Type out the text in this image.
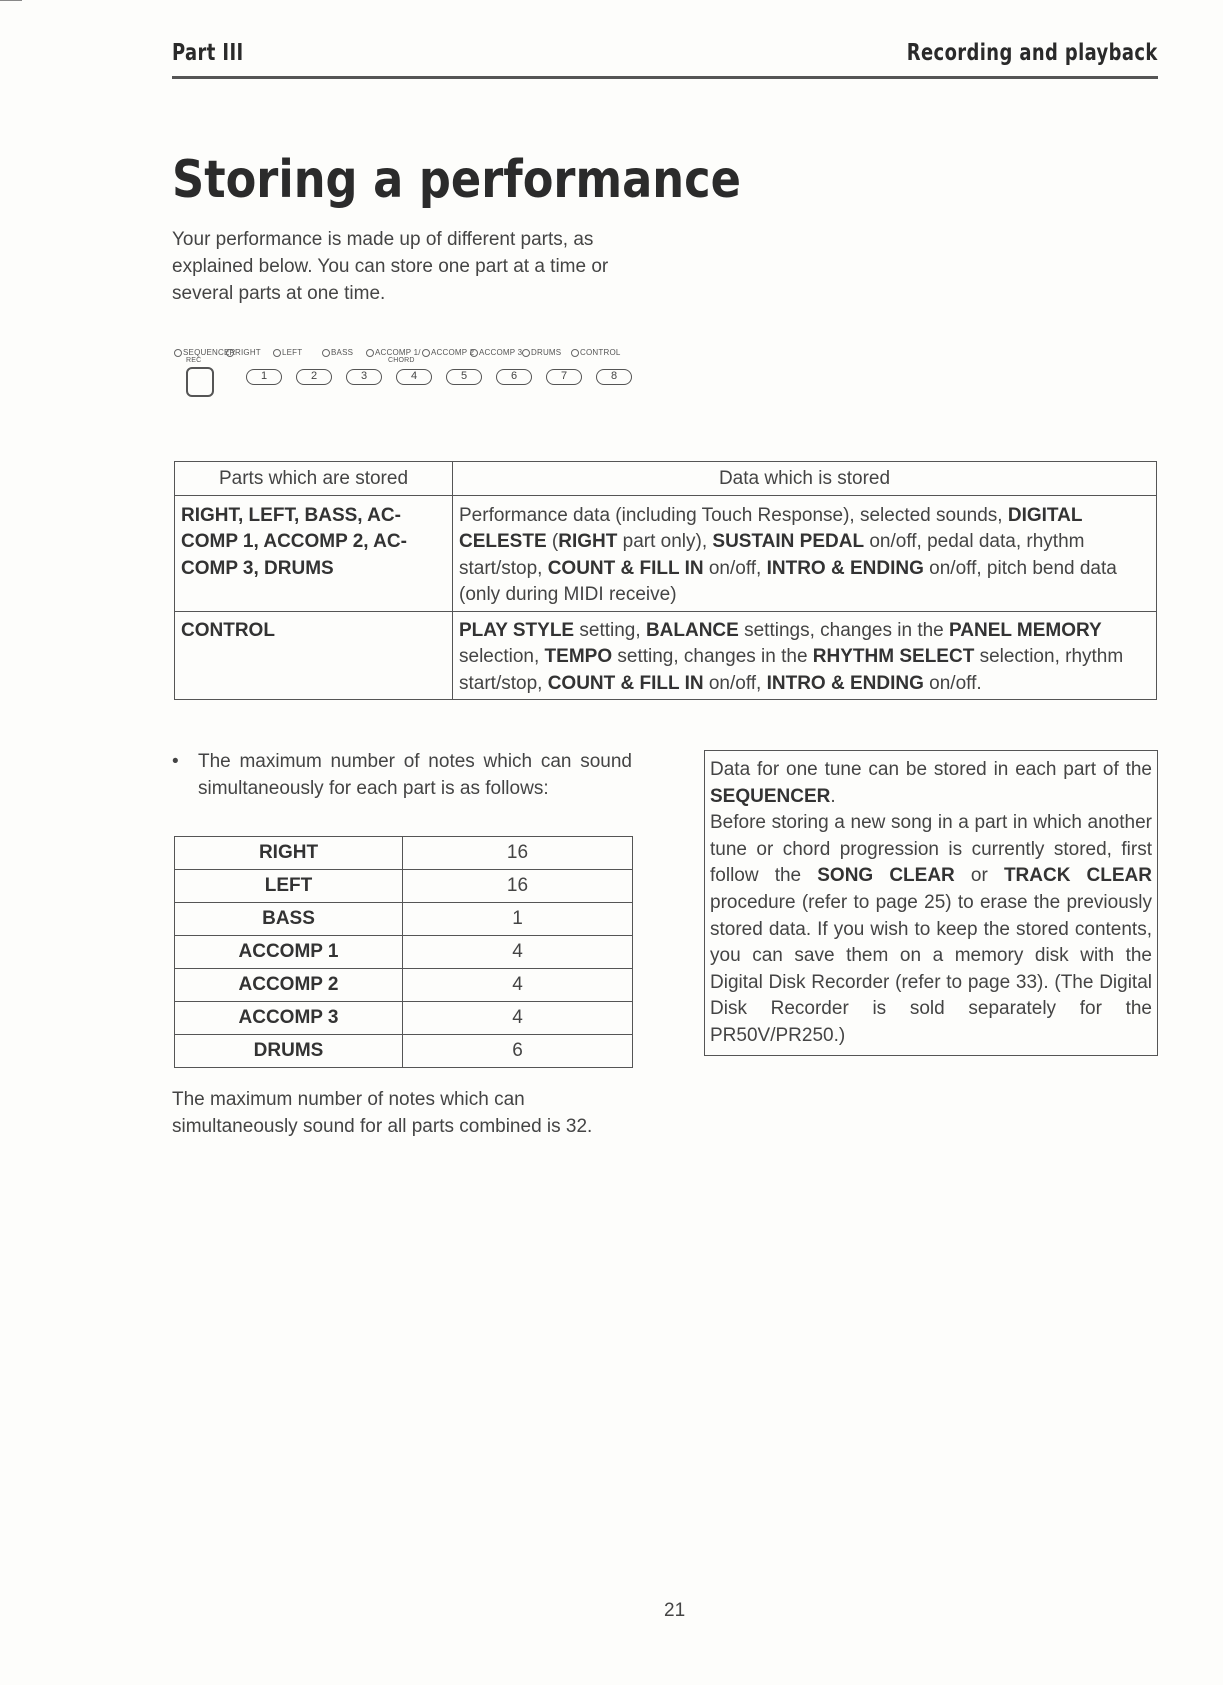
Part III	Recording and playback
Storing a performance

Your performance is made up of different parts, as explained below. You can store one part at a time or several parts at one time.

SEQUENCER
REC
RIGHT	LEFT	BASS	ACCOMP 1/
CHORD
ACCOMP 2 ACCOMP 3	DRUMS	CONTROL
1	2	3	4	5	6	7	8
Parts which are stored	Data which is stored
RIGHT, LEFT, BASS, AC-COMP 1, ACCOMP 2, AC-COMP 3, DRUMS	Performance data (including Touch Response), selected sounds, DIGITAL CELESTE (RIGHT part only), SUSTAIN PEDAL on/off, pedal data, rhythm start/stop, COUNT & FILL IN on/off, INTRO & ENDING on/off, pitch bend data (only during MIDI receive)
CONTROL	PLAY STYLE setting, BALANCE settings, changes in the PANEL MEMORY selection, TEMPO setting, changes in the RHYTHM SELECT selection, rhythm start/stop, COUNT & FILL IN on/off, INTRO & ENDING on/off.
•	The maximum number of notes which can sound simultaneously for each part is as follows:
RIGHT	16
LEFT	16
BASS	1
ACCOMP 1	4
ACCOMP 2	4
ACCOMP 3	4
DRUMS	6

The maximum number of notes which can simultaneously sound for all parts combined is 32.

Data for one tune can be stored in each part of the SEQUENCER.

Before storing a new song in a part in which another tune or chord progression is currently stored, first follow the SONG CLEAR or TRACK CLEAR procedure (refer to page 25) to erase the previously stored data. If you wish to keep the stored contents, you can save them on a memory disk with the Digital Disk Recorder (refer to page 33). (The Digital Disk Recorder is sold separately for the PR50V/PR250.)

21
